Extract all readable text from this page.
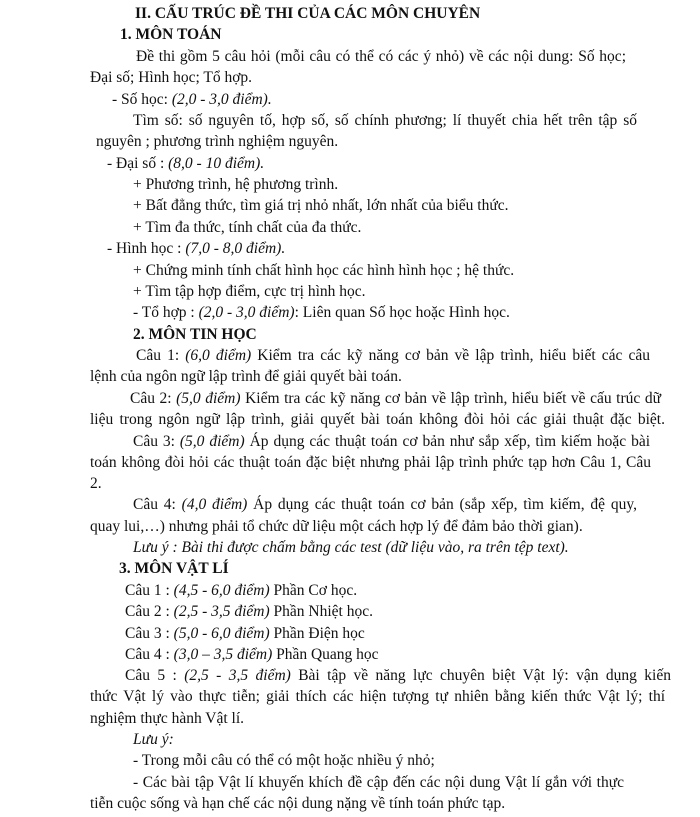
II. CẤU TRÚC ĐỀ THI CỦA CÁC MÔN CHUYÊN
1. MÔN TOÁN
Đề thi gồm 5 câu hỏi (mỗi câu có thể có các ý nhỏ) về các nội dung: Số học;
Đại số; Hình học; Tổ hợp.
- Số học: (2,0 - 3,0 điểm).
Tìm số: số nguyên tố, hợp số, số chính phương; lí thuyết chia hết trên tập số
nguyên ; phương trình nghiệm nguyên.
- Đại số : (8,0 - 10 điểm).
+ Phương trình, hệ phương trình.
+ Bất đẳng thức, tìm giá trị nhỏ nhất, lớn nhất của biểu thức.
+ Tìm đa thức, tính chất của đa thức.
- Hình học : (7,0 - 8,0 điểm).
+ Chứng minh tính chất hình học các hình hình học ; hệ thức.
+ Tìm tập hợp điểm, cực trị hình học.
- Tổ hợp : (2,0 - 3,0 điểm): Liên quan Số học hoặc Hình học.
2. MÔN TIN HỌC
Câu 1: (6,0 điểm) Kiểm tra các kỹ năng cơ bản về lập trình, hiểu biết các câu
lệnh của ngôn ngữ lập trình để giải quyết bài toán.
Câu 2: (5,0 điểm) Kiểm tra các kỹ năng cơ bản về lập trình, hiểu biết về cấu trúc dữ
liệu trong ngôn ngữ lập trình, giải quyết bài toán không đòi hỏi các giải thuật đặc biệt.
Câu 3: (5,0 điểm) Áp dụng các thuật toán cơ bản như sắp xếp, tìm kiếm hoặc bài
toán không đòi hỏi các thuật toán đặc biệt nhưng phải lập trình phức tạp hơn Câu 1, Câu
2.
Câu 4: (4,0 điểm) Áp dụng các thuật toán cơ bản (sắp xếp, tìm kiếm, đệ quy,
quay lui,…) nhưng phải tổ chức dữ liệu một cách hợp lý để đảm bảo thời gian).
Lưu ý : Bài thi được chấm bằng các test (dữ liệu vào, ra trên tệp text).
3. MÔN VẬT LÍ
Câu 1 : (4,5 - 6,0 điểm) Phần Cơ học.
Câu 2 : (2,5 - 3,5 điểm) Phần Nhiệt học.
Câu 3 : (5,0 - 6,0 điểm) Phần Điện học
Câu 4 : (3,0 – 3,5 điểm) Phần Quang học
Câu 5 : (2,5 - 3,5 điểm) Bài tập về năng lực chuyên biệt Vật lý: vận dụng kiến
thức Vật lý vào thực tiễn; giải thích các hiện tượng tự nhiên bằng kiến thức Vật lý; thí
nghiệm thực hành Vật lí.
Lưu ý:
- Trong mỗi câu có thể có một hoặc nhiều ý nhỏ;
- Các bài tập Vật lí khuyến khích đề cập đến các nội dung Vật lí gắn với thực
tiễn cuộc sống và hạn chế các nội dung nặng về tính toán phức tạp.
